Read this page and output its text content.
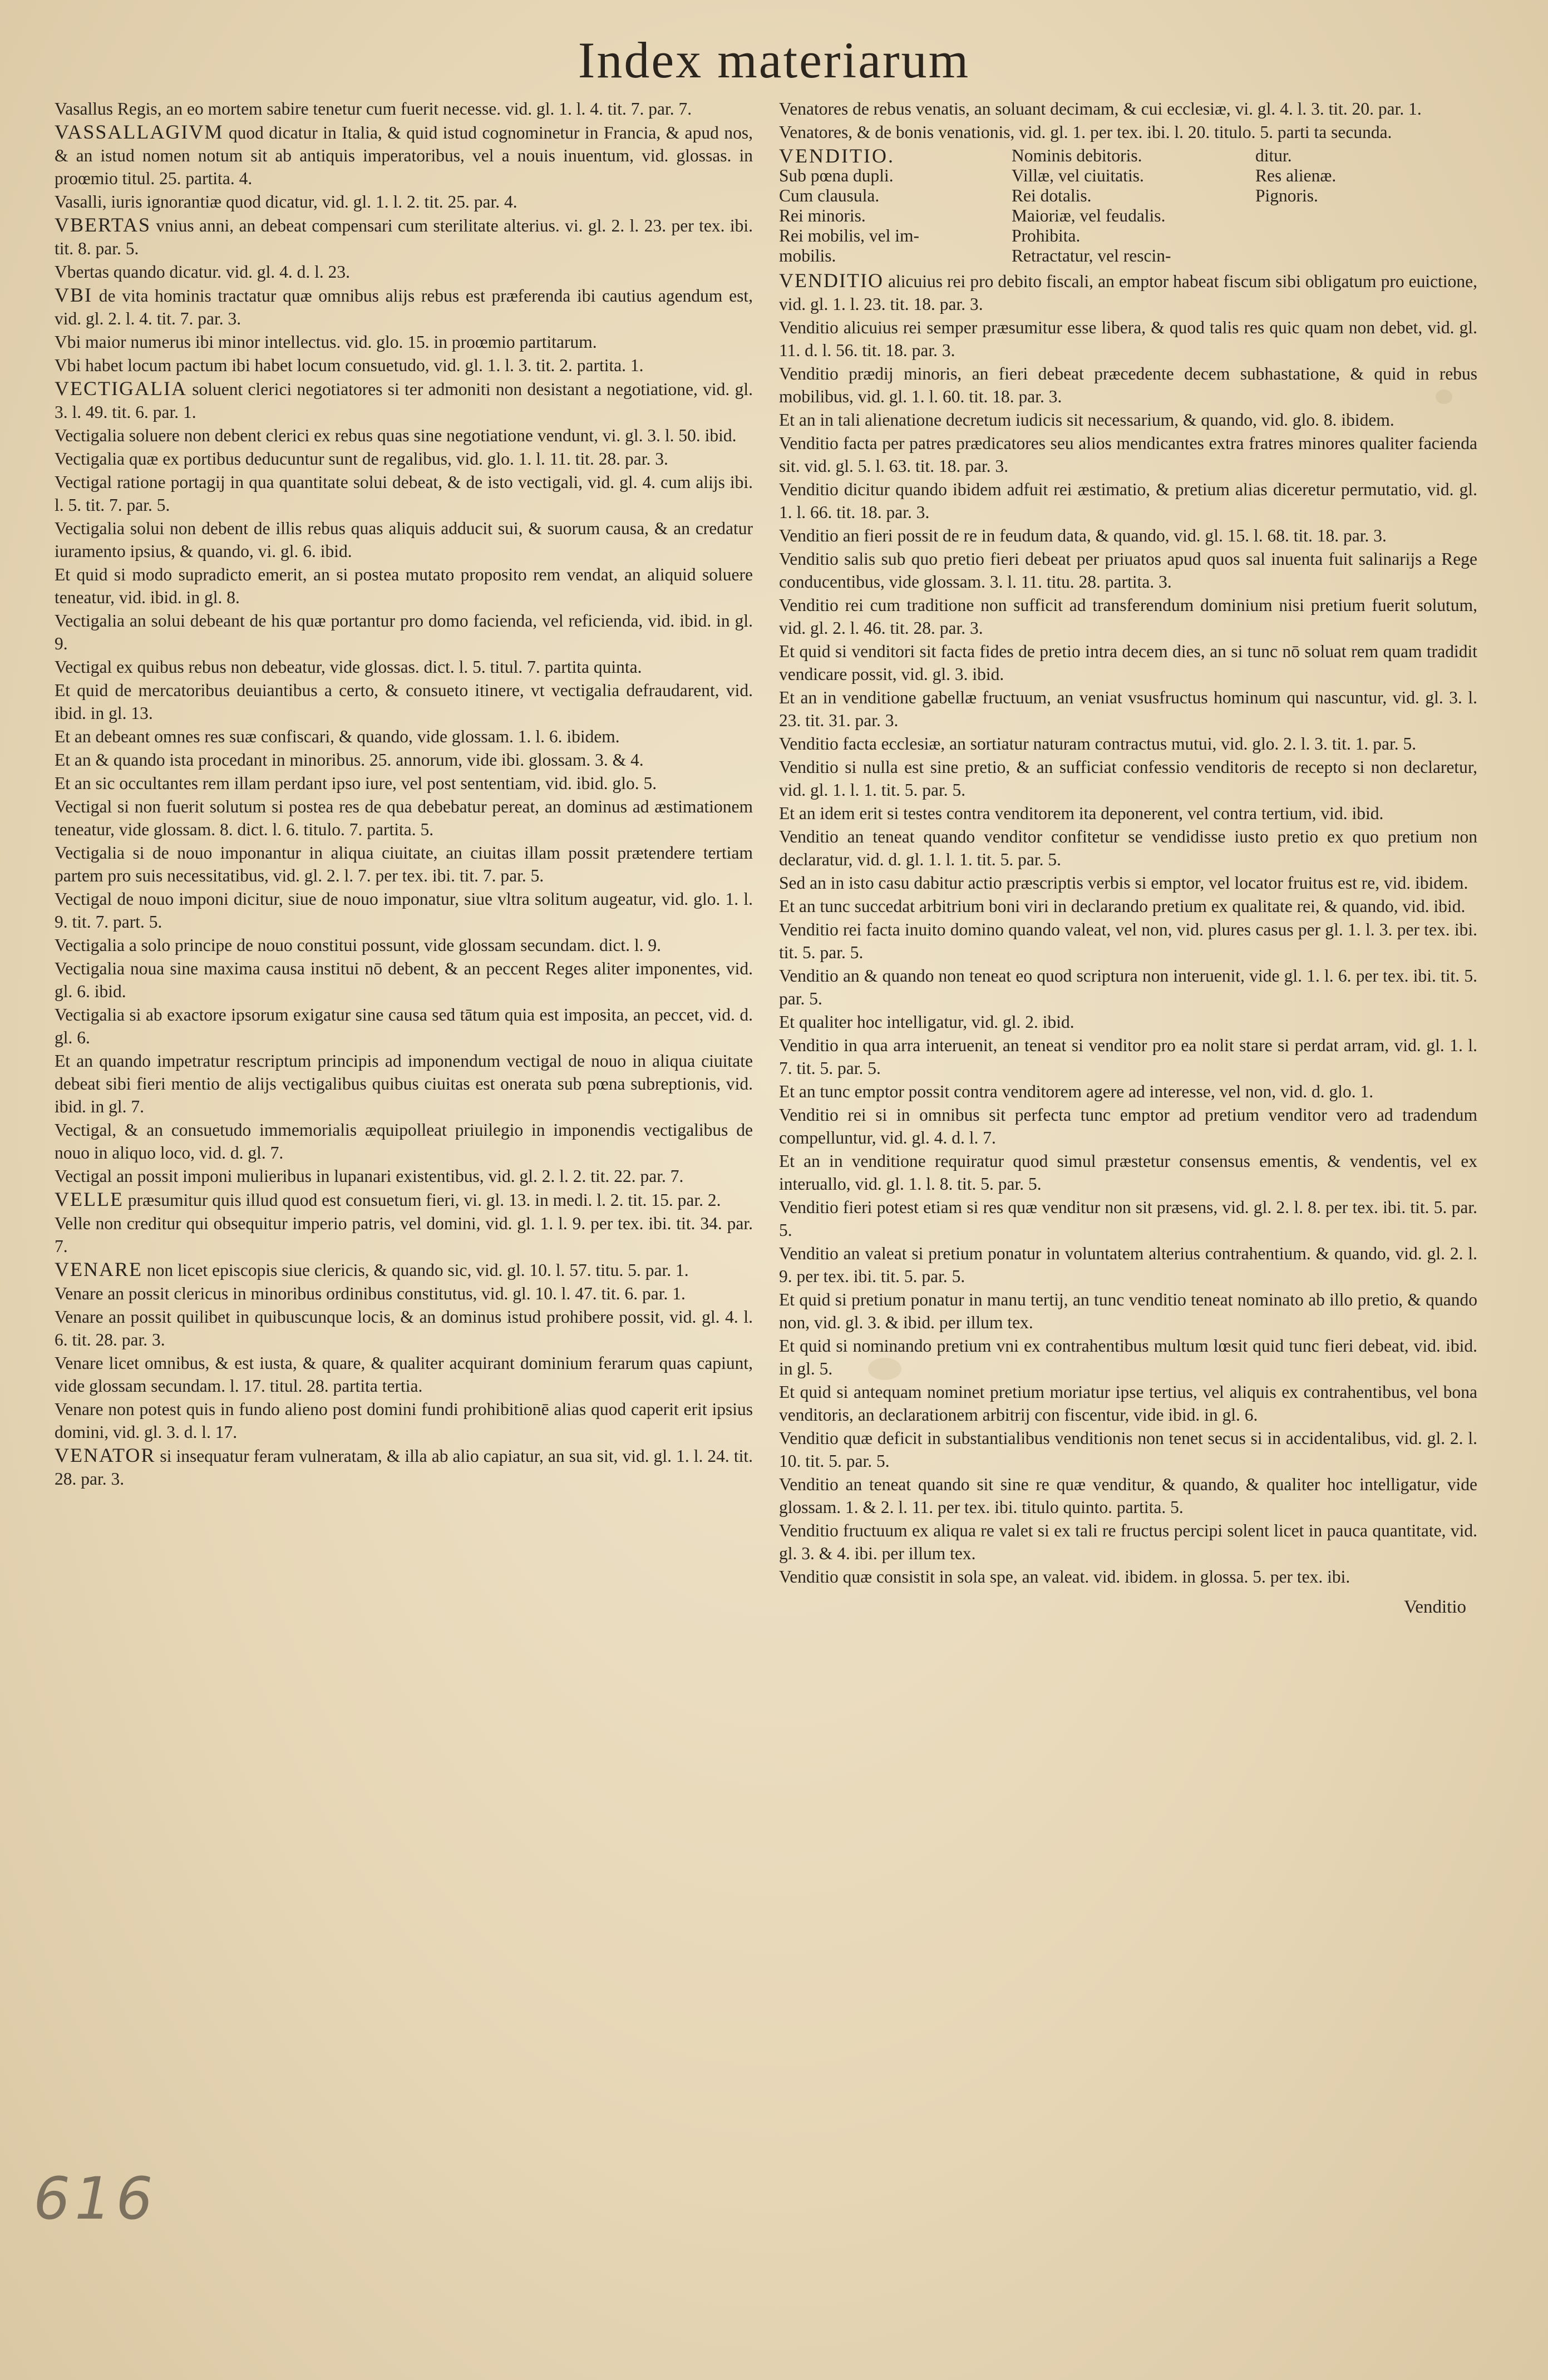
Index materiarum
Vasallus Regis, an eo mortem sabire tenetur cum fuerit necesse. vid. gl. 1. l. 4. tit. 7. par. 7.
VASSALLAGIVM quod dicatur in Italia, & quid istud cognominetur in Francia, & apud nos, & an istud nomen notum sit ab antiquis imperatoribus, vel a nouis inuentum, vid. glossas. in proœmio titul. 25. partita. 4.
Vasalli, iuris ignorantiæ quod dicatur, vid. gl. 1. l. 2. tit. 25. par. 4.
VBERTAS vnius anni, an debeat compensari cum sterilitate alterius. vi. gl. 2. l. 23. per tex. ibi. tit. 8. par. 5.
Vbertas quando dicatur. vid. gl. 4. d. l. 23.
VBI de vita hominis tractatur quæ omnibus alijs rebus est præferenda ibi cautius agendum est, vid. gl. 2. l. 4. tit. 7. par. 3.
Vbi maior numerus ibi minor intellectus. vid. glo. 15. in proœmio partitarum.
Vbi habet locum pactum ibi habet locum consuetudo, vid. gl. 1. l. 3. tit. 2. partita. 1.
VECTIGALIA soluent clerici negotiatores si ter admoniti non desistant a negotiatione, vid. gl. 3. l. 49. tit. 6. par. 1.
Vectigalia soluere non debent clerici ex rebus quas sine negotiatione vendunt, vi. gl. 3. l. 50. ibid.
Vectigalia quæ ex portibus deducuntur sunt de regalibus, vid. glo. 1. l. 11. tit. 28. par. 3.
Vectigal ratione portagij in qua quantitate solui debeat, & de isto vectigali, vid. gl. 4. cum alijs ibi. l. 5. tit. 7. par. 5.
Vectigalia solui non debent de illis rebus quas aliquis adducit sui, & suorum causa, & an credatur iuramento ipsius, & quando, vi. gl. 6. ibid.
Et quid si modo supradicto emerit, an si postea mutato proposito rem vendat, an aliquid soluere teneatur, vid. ibid. in gl. 8.
Vectigalia an solui debeant de his quæ portantur pro domo facienda, vel reficienda, vid. ibid. in gl. 9.
Vectigal ex quibus rebus non debeatur, vide glossas. dict. l. 5. titul. 7. partita quinta.
Et quid de mercatoribus deuiantibus a certo, & consueto itinere, vt vectigalia defraudarent, vid. ibid. in gl. 13.
Et an debeant omnes res suæ confiscari, & quando, vide glossam. 1. l. 6. ibidem.
Et an & quando ista procedant in minoribus. 25. annorum, vide ibi. glossam. 3. & 4.
Et an sic occultantes rem illam perdant ipso iure, vel post sententiam, vid. ibid. glo. 5.
Vectigal si non fuerit solutum si postea res de qua debebatur pereat, an dominus ad æstimationem teneatur, vide glossam. 8. dict. l. 6. titulo. 7. partita. 5.
Vectigalia si de nouo imponantur in aliqua ciuitate, an ciuitas illam possit prætendere tertiam partem pro suis necessitatibus, vid. gl. 2. l. 7. per tex. ibi. tit. 7. par. 5.
Vectigal de nouo imponi dicitur, siue de nouo imponatur, siue vltra solitum augeatur, vid. glo. 1. l. 9. tit. 7. part. 5.
Vectigalia a solo principe de nouo constitui possunt, vide glossam secundam. dict. l. 9.
Vectigalia noua sine maxima causa institui nō debent, & an peccent Reges aliter imponentes, vid. gl. 6. ibid.
Vectigalia si ab exactore ipsorum exigatur sine causa sed tātum quia est imposita, an peccet, vid. d. gl. 6.
Et an quando impetratur rescriptum principis ad imponendum vectigal de nouo in aliqua ciuitate debeat sibi fieri mentio de alijs vectigalibus quibus ciuitas est onerata sub pœna subreptionis, vid. ibid. in gl. 7.
Vectigal, & an consuetudo immemorialis æquipolleat priuilegio in imponendis vectigalibus de nouo in aliquo loco, vid. d. gl. 7.
Vectigal an possit imponi mulieribus in lupanari existentibus, vid. gl. 2. l. 2. tit. 22. par. 7.
VELLE præsumitur quis illud quod est consuetum fieri, vi. gl. 13. in medi. l. 2. tit. 15. par. 2.
Velle non creditur qui obsequitur imperio patris, vel domini, vid. gl. 1. l. 9. per tex. ibi. tit. 34. par. 7.
VENARE non licet episcopis siue clericis, & quando sic, vid. gl. 10. l. 57. titu. 5. par. 1.
Venare an possit clericus in minoribus ordinibus constitutus, vid. gl. 10. l. 47. tit. 6. par. 1.
Venare an possit quilibet in quibuscunque locis, & an dominus istud prohibere possit, vid. gl. 4. l. 6. tit. 28. par. 3.
Venare licet omnibus, & est iusta, & quare, & qualiter acquirant dominium ferarum quas capiunt, vide glossam secundam. l. 17. titul. 28. partita tertia.
Venare non potest quis in fundo alieno post domini fundi prohibitionē alias quod caperit erit ipsius domini, vid. gl. 3. d. l. 17.
VENATOR si insequatur feram vulneratam, & illa ab alio capiatur, an sua sit, vid. gl. 1. l. 24. tit. 28. par. 3.
Venatores de rebus venatis, an soluant decimam, & cui ecclesiæ, vi. gl. 4. l. 3. tit. 20. par. 1.
Venatores, & de bonis venationis, vid. gl. 1. per tex. ibi. l. 20. titulo. 5. parti ta secunda.
VENDITIO.	Nominis debitoris.	ditur.
Sub pœna dupli.	Villæ, vel ciuitatis.	Res alienæ.
Cum clausula.	Rei dotalis.	Pignoris.
Rei minoris.	Maioriæ, vel feudalis.
Rei mobilis, vel im-	Prohibita.
mobilis.	Retractatur, vel rescin-
VENDITIO alicuius rei pro debito fiscali, an emptor habeat fiscum sibi obligatum pro euictione, vid. gl. 1. l. 23. tit. 18. par. 3.
Venditio alicuius rei semper præsumitur esse libera, & quod talis res quic quam non debet, vid. gl. 11. d. l. 56. tit. 18. par. 3.
Venditio prædij minoris, an fieri debeat præcedente decem subhastatione, & quid in rebus mobilibus, vid. gl. 1. l. 60. tit. 18. par. 3.
Et an in tali alienatione decretum iudicis sit necessarium, & quando, vid. glo. 8. ibidem.
Venditio facta per patres prædicatores seu alios mendicantes extra fratres minores qualiter facienda sit. vid. gl. 5. l. 63. tit. 18. par. 3.
Venditio dicitur quando ibidem adfuit rei æstimatio, & pretium alias diceretur permutatio, vid. gl. 1. l. 66. tit. 18. par. 3.
Venditio an fieri possit de re in feudum data, & quando, vid. gl. 15. l. 68. tit. 18. par. 3.
Venditio salis sub quo pretio fieri debeat per priuatos apud quos sal inuenta fuit salinarijs a Rege conducentibus, vide glossam. 3. l. 11. titu. 28. partita. 3.
Venditio rei cum traditione non sufficit ad transferendum dominium nisi pretium fuerit solutum, vid. gl. 2. l. 46. tit. 28. par. 3.
Et quid si venditori sit facta fides de pretio intra decem dies, an si tunc nō soluat rem quam tradidit vendicare possit, vid. gl. 3. ibid.
Et an in venditione gabellæ fructuum, an veniat vsusfructus hominum qui nascuntur, vid. gl. 3. l. 23. tit. 31. par. 3.
Venditio facta ecclesiæ, an sortiatur naturam contractus mutui, vid. glo. 2. l. 3. tit. 1. par. 5.
Venditio si nulla est sine pretio, & an sufficiat confessio venditoris de recepto si non declaretur, vid. gl. 1. l. 1. tit. 5. par. 5.
Et an idem erit si testes contra venditorem ita deponerent, vel contra tertium, vid. ibid.
Venditio an teneat quando venditor confitetur se vendidisse iusto pretio ex quo pretium non declaratur, vid. d. gl. 1. l. 1. tit. 5. par. 5.
Sed an in isto casu dabitur actio præscriptis verbis si emptor, vel locator fruitus est re, vid. ibidem.
Et an tunc succedat arbitrium boni viri in declarando pretium ex qualitate rei, & quando, vid. ibid.
Venditio rei facta inuito domino quando valeat, vel non, vid. plures casus per gl. 1. l. 3. per tex. ibi. tit. 5. par. 5.
Venditio an & quando non teneat eo quod scriptura non interuenit, vide gl. 1. l. 6. per tex. ibi. tit. 5. par. 5.
Et qualiter hoc intelligatur, vid. gl. 2. ibid.
Venditio in qua arra interuenit, an teneat si venditor pro ea nolit stare si perdat arram, vid. gl. 1. l. 7. tit. 5. par. 5.
Et an tunc emptor possit contra venditorem agere ad interesse, vel non, vid. d. glo. 1.
Venditio rei si in omnibus sit perfecta tunc emptor ad pretium venditor vero ad tradendum compelluntur, vid. gl. 4. d. l. 7.
Et an in venditione requiratur quod simul præstetur consensus ementis, & vendentis, vel ex interuallo, vid. gl. 1. l. 8. tit. 5. par. 5.
Venditio fieri potest etiam si res quæ venditur non sit præsens, vid. gl. 2. l. 8. per tex. ibi. tit. 5. par. 5.
Venditio an valeat si pretium ponatur in voluntatem alterius contrahentium. & quando, vid. gl. 2. l. 9. per tex. ibi. tit. 5. par. 5.
Et quid si pretium ponatur in manu tertij, an tunc venditio teneat nominato ab illo pretio, & quando non, vid. gl. 3. & ibid. per illum tex.
Et quid si nominando pretium vni ex contrahentibus multum lœsit quid tunc fieri debeat, vid. ibid. in gl. 5.
Et quid si antequam nominet pretium moriatur ipse tertius, vel aliquis ex contrahentibus, vel bona venditoris, an declarationem arbitrij con fiscentur, vide ibid. in gl. 6.
Venditio quæ deficit in substantialibus venditionis non tenet secus si in accidentalibus, vid. gl. 2. l. 10. tit. 5. par. 5.
Venditio an teneat quando sit sine re quæ venditur, & quando, & qualiter hoc intelligatur, vide glossam. 1. & 2. l. 11. per tex. ibi. titulo quinto. partita. 5.
Venditio fructuum ex aliqua re valet si ex tali re fructus percipi solent licet in pauca quantitate, vid. gl. 3. & 4. ibi. per illum tex.
Venditio quæ consistit in sola spe, an valeat. vid. ibidem. in glossa. 5. per tex. ibi.
Venditio
616
